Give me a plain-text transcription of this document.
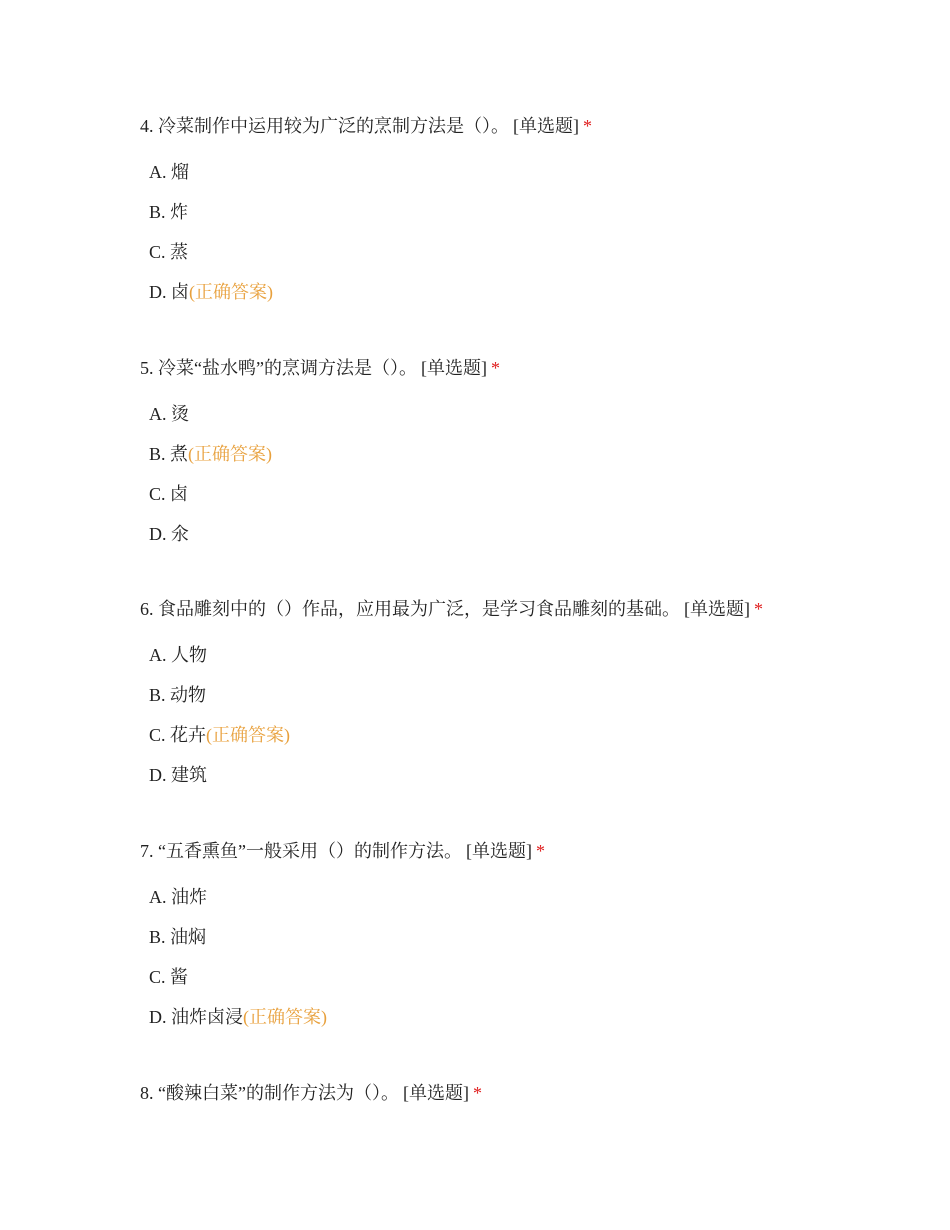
4. 冷菜制作中运用较为广泛的烹制方法是（）。 [单选题] *
A. 熘
B. 炸
C. 蒸
D. 卤(正确答案)
5. 冷菜“盐水鸭”的烹调方法是（）。 [单选题] *
A. 烫
B. 煮(正确答案)
C. 卤
D. 氽
6. 食品雕刻中的（）作品，应用最为广泛，是学习食品雕刻的基础。 [单选题] *
A. 人物
B. 动物
C. 花卉(正确答案)
D. 建筑
7. “五香熏鱼”一般采用（）的制作方法。 [单选题] *
A. 油炸
B. 油焖
C. 酱
D. 油炸卤浸(正确答案)
8. “酸辣白菜”的制作方法为（）。 [单选题] *
